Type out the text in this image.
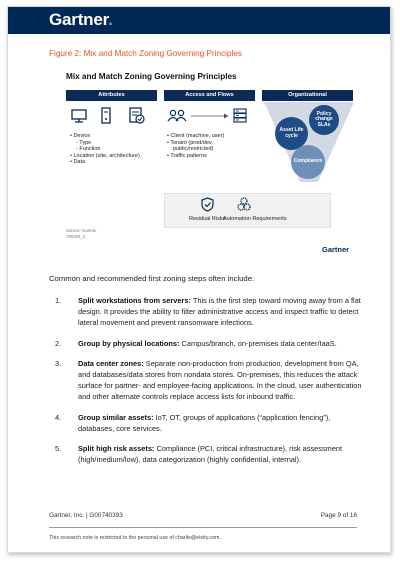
Gartner.
Figure 2: Mix and Match Zoning Governing Principles
Mix and Match Zoning Governing Principles
Attributes	Access and Flows	Organizational
• Device
- Type
- Function
• Location (site, architecture)
• Data
• Client (machine, user)
• Tenant (prod/dev,
public/restricted)
• Traffic patterns
Asset Life cycle
Policy change SLAs
Compliance
Residual Risks
Automation Requirements
Source: Gartner
780293_C
Gartner
Common and recommended first zoning steps often include:
1. Split workstations from servers: This is the first step toward moving away from a flat design. It provides the ability to filter administrative access and inspect traffic to detect lateral movement and prevent ransomware infections.
2. Group by physical locations: Campus/branch, on-premises data center/IaaS.
3. Data center zones: Separate non-production from production, development from QA, and databases/data stores from nondata stores. On-premises, this reduces the attack surface for partner- and employee-facing applications. In the cloud, user authentication and other alternate controls replace access lists for inbound traffic.
4. Group similar assets: IoT, OT, groups of applications (“application fencing”), databases, core services.
5. Split high risk assets: Compliance (PCI, critical infrastructure), risk assessment (high/medium/low), data categorization (highly confidential, internal).
Gartner, Inc. | G00740393	Page 9 of 16
This research note is restricted to the personal use of charlie@elsity.com.
